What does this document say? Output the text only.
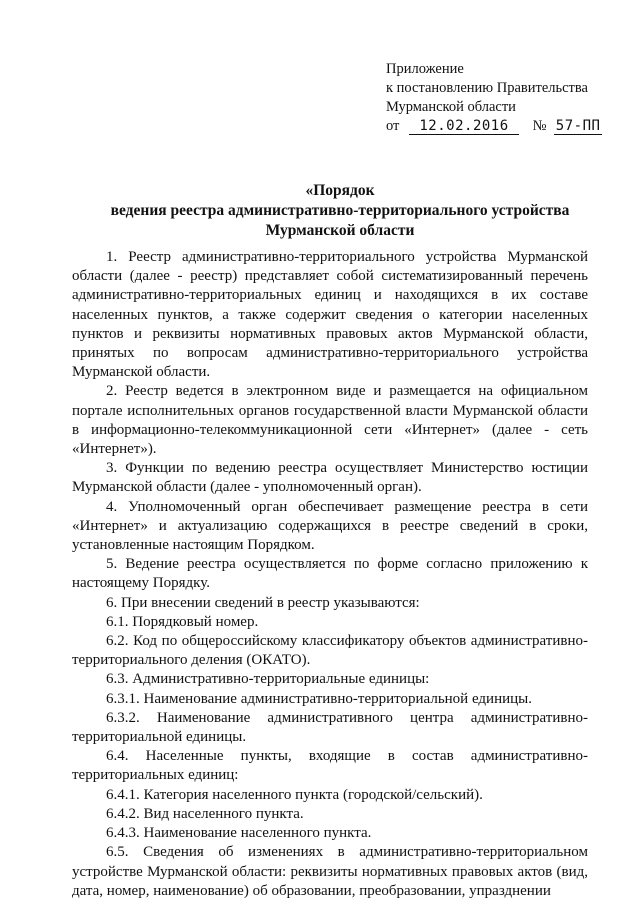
Приложение
к постановлению Правительства
Мурманской области
от 12.02.2016 № 57-ПП
«Порядок
ведения реестра административно-территориального устройства
Мурманской области

1. Реестр административно-территориального устройства Мурманской области (далее - реестр) представляет собой систематизированный перечень административно-территориальных единиц и находящихся в их составе населенных пунктов, а также содержит сведения о категории населенных пунктов и реквизиты нормативных правовых актов Мурманской области, принятых по вопросам административно-территориального устройства Мурманской области.

2. Реестр ведется в электронном виде и размещается на официальном портале исполнительных органов государственной власти Мурманской области в информационно-телекоммуникационной сети «Интернет» (далее - сеть «Интернет»).

3. Функции по ведению реестра осуществляет Министерство юстиции Мурманской области (далее - уполномоченный орган).

4. Уполномоченный орган обеспечивает размещение реестра в сети «Интернет» и актуализацию содержащихся в реестре сведений в сроки, установленные настоящим Порядком.

5. Ведение реестра осуществляется по форме согласно приложению к настоящему Порядку.

6. При внесении сведений в реестр указываются:

6.1. Порядковый номер.

6.2. Код по общероссийскому классификатору объектов административно-территориального деления (ОКАТО).

6.3. Административно-территориальные единицы:

6.3.1. Наименование административно-территориальной единицы.

6.3.2. Наименование административного центра административно-территориальной единицы.

6.4. Населенные пункты, входящие в состав административно-территориальных единиц:

6.4.1. Категория населенного пункта (городской/сельский).

6.4.2. Вид населенного пункта.

6.4.3. Наименование населенного пункта.

6.5. Сведения об изменениях в административно-территориальном устройстве Мурманской области: реквизиты нормативных правовых актов (вид, дата, номер, наименование) об образовании, преобразовании, упразднении
